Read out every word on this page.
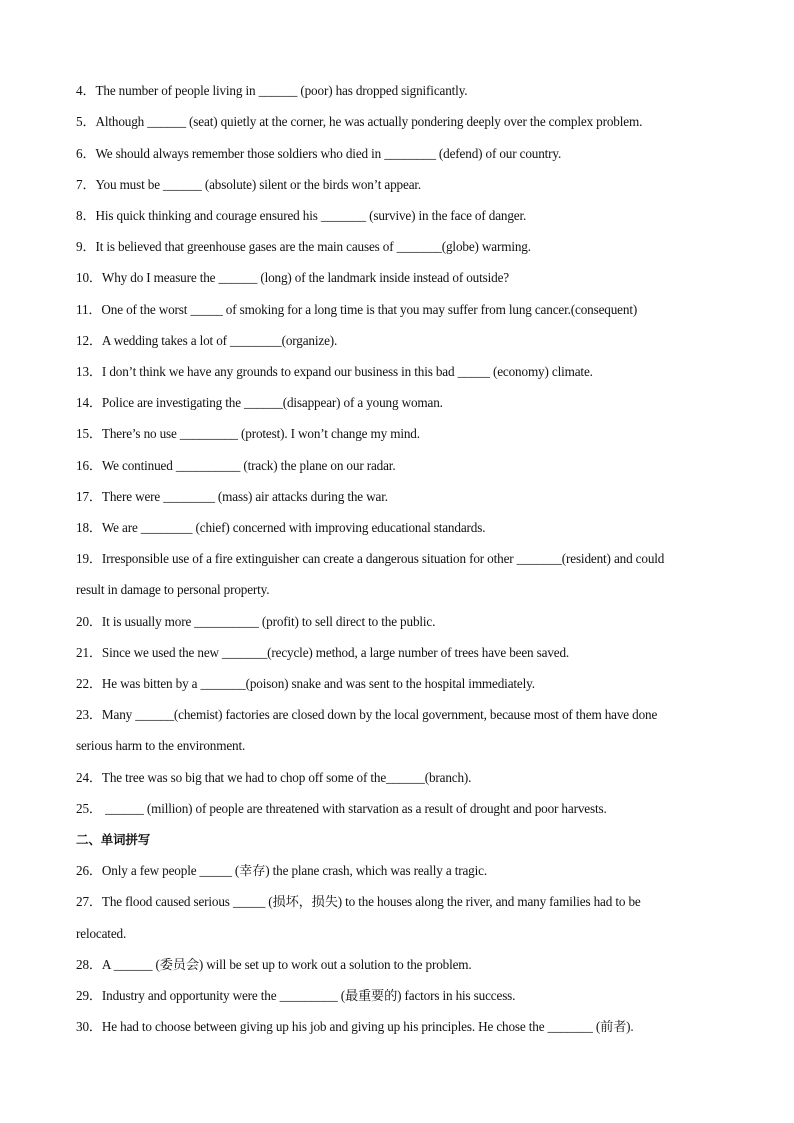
4．The number of people living in ______ (poor) has dropped significantly.
5．Although ______ (seat) quietly at the corner, he was actually pondering deeply over the complex problem.
6．We should always remember those soldiers who died in ________ (defend) of our country.
7．You must be ______ (absolute) silent or the birds won’t appear.
8．His quick thinking and courage ensured his _______ (survive) in the face of danger.
9．It is believed that greenhouse gases are the main causes of _______(globe) warming.
10．Why do I measure the ______ (long) of the landmark inside instead of outside?
11．One of the worst _____ of smoking for a long time is that you may suffer from lung cancer.(consequent)
12．A wedding takes a lot of ________(organize).
13．I don’t think we have any grounds to expand our business in this bad _____ (economy) climate.
14．Police are investigating the ______(disappear) of a young woman.
15．There’s no use _________ (protest). I won’t change my mind.
16．We continued __________ (track) the plane on our radar.
17．There were ________ (mass) air attacks during the war.
18．We are ________ (chief) concerned with improving educational standards.
19．Irresponsible use of a fire extinguisher can create a dangerous situation for other _______(resident) and could
result in damage to personal property.
20．It is usually more __________ (profit) to sell direct to the public.
21．Since we used the new _______(recycle) method, a large number of trees have been saved.
22．He was bitten by a _______(poison) snake and was sent to the hospital immediately.
23．Many ______(chemist) factories are closed down by the local government, because most of them have done
serious harm to the environment.
24．The tree was so big that we had to chop off some of the______(branch).
25． ______ (million) of people are threatened with starvation as a result of drought and poor harvests.
二、单词拼写
26．Only a few people _____ (幸存) the plane crash, which was really a tragic.
27．The flood caused serious _____ (损坏，损失) to the houses along the river, and many families had to be
relocated.
28．A ______ (委员会) will be set up to work out a solution to the problem.
29．Industry and opportunity were the _________ (最重要的) factors in his success.
30．He had to choose between giving up his job and giving up his principles. He chose the _______ (前者).
